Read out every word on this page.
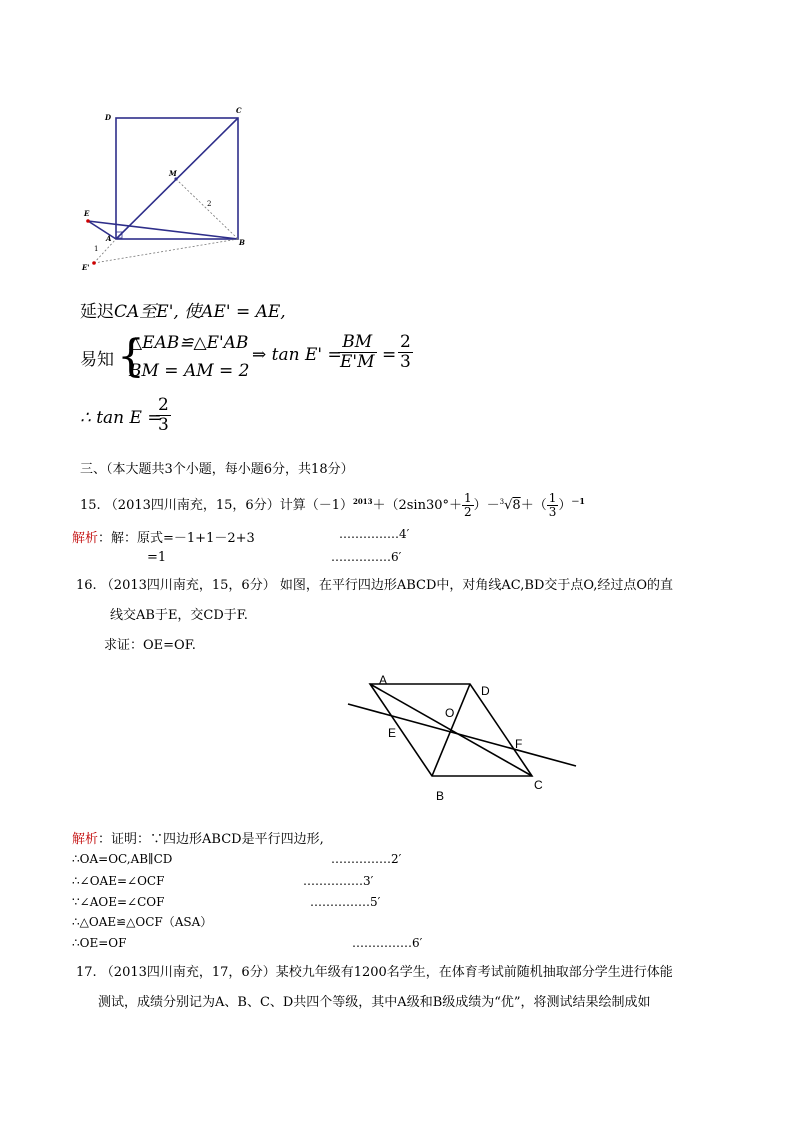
D
C
M
E
A	B
E'
1
2
延迟CA至E', 使AE' = AE,
易知 {
△EAB≌△E'AB
BM = AM = 2
⇒ tan E' =
$\frac{BM}{E'M} = \frac{2}{3}$
∴ tan E =
$\frac{2}{3}$
三、（本大题共3个小题，每小题6分，共18分）
15. （2013四川南充，15，6分）计算$(-1)^{2013}+(2\sin 30^\circ+ \frac{1}{2} )-^3√8+( \frac{1}{3} )^{-1}$
解析：解：原式=－1+1－2+3	……………4′
=1	……………6′
16. （2013四川南充，15，6分） 如图，在平行四边形ABCD中，对角线AC,BD交于点O,经过点O的直
线交AB于E，交CD于F.
求证：OE=OF.
A
D
O
E
F
B
C
解析：证明：∵四边形ABCD是平行四边形,
∴OA=OC,AB∥CD	……………2′
∴∠OAE=∠OCF	……………3′
∵∠AOE=∠COF	……………5′
∴△OAE≌△OCF（ASA）
∴OE=OF	……………6′
17. （2013四川南充，17，6分）某校九年级有1200名学生，在体育考试前随机抽取部分学生进行体能
测试，成绩分别记为A、B、C、D共四个等级，其中A级和B级成绩为“优”，将测试结果绘制成如
